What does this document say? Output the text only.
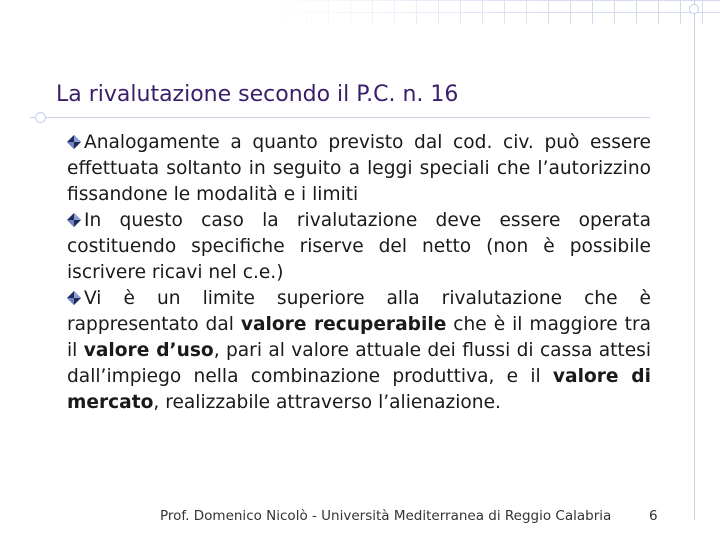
La rivalutazione secondo il P.C. n. 16

Analogamente a quanto previsto dal cod. civ. può essere effettuata soltanto in seguito a leggi speciali che l’autorizzino fissandone le modalità e i limiti

In questo caso la rivalutazione deve essere operata costituendo specifiche riserve del netto (non è possibile iscrivere ricavi nel c.e.)

Vi è un limite superiore alla rivalutazione che è rappresentato dal valore recuperabile che è il maggiore tra il valore d’uso, pari al valore attuale dei flussi di cassa attesi dall’impiego nella combinazione produttiva, e il valore di mercato, realizzabile attraverso l’alienazione.

Prof. Domenico Nicolò - Università Mediterranea di Reggio Calabria	6
